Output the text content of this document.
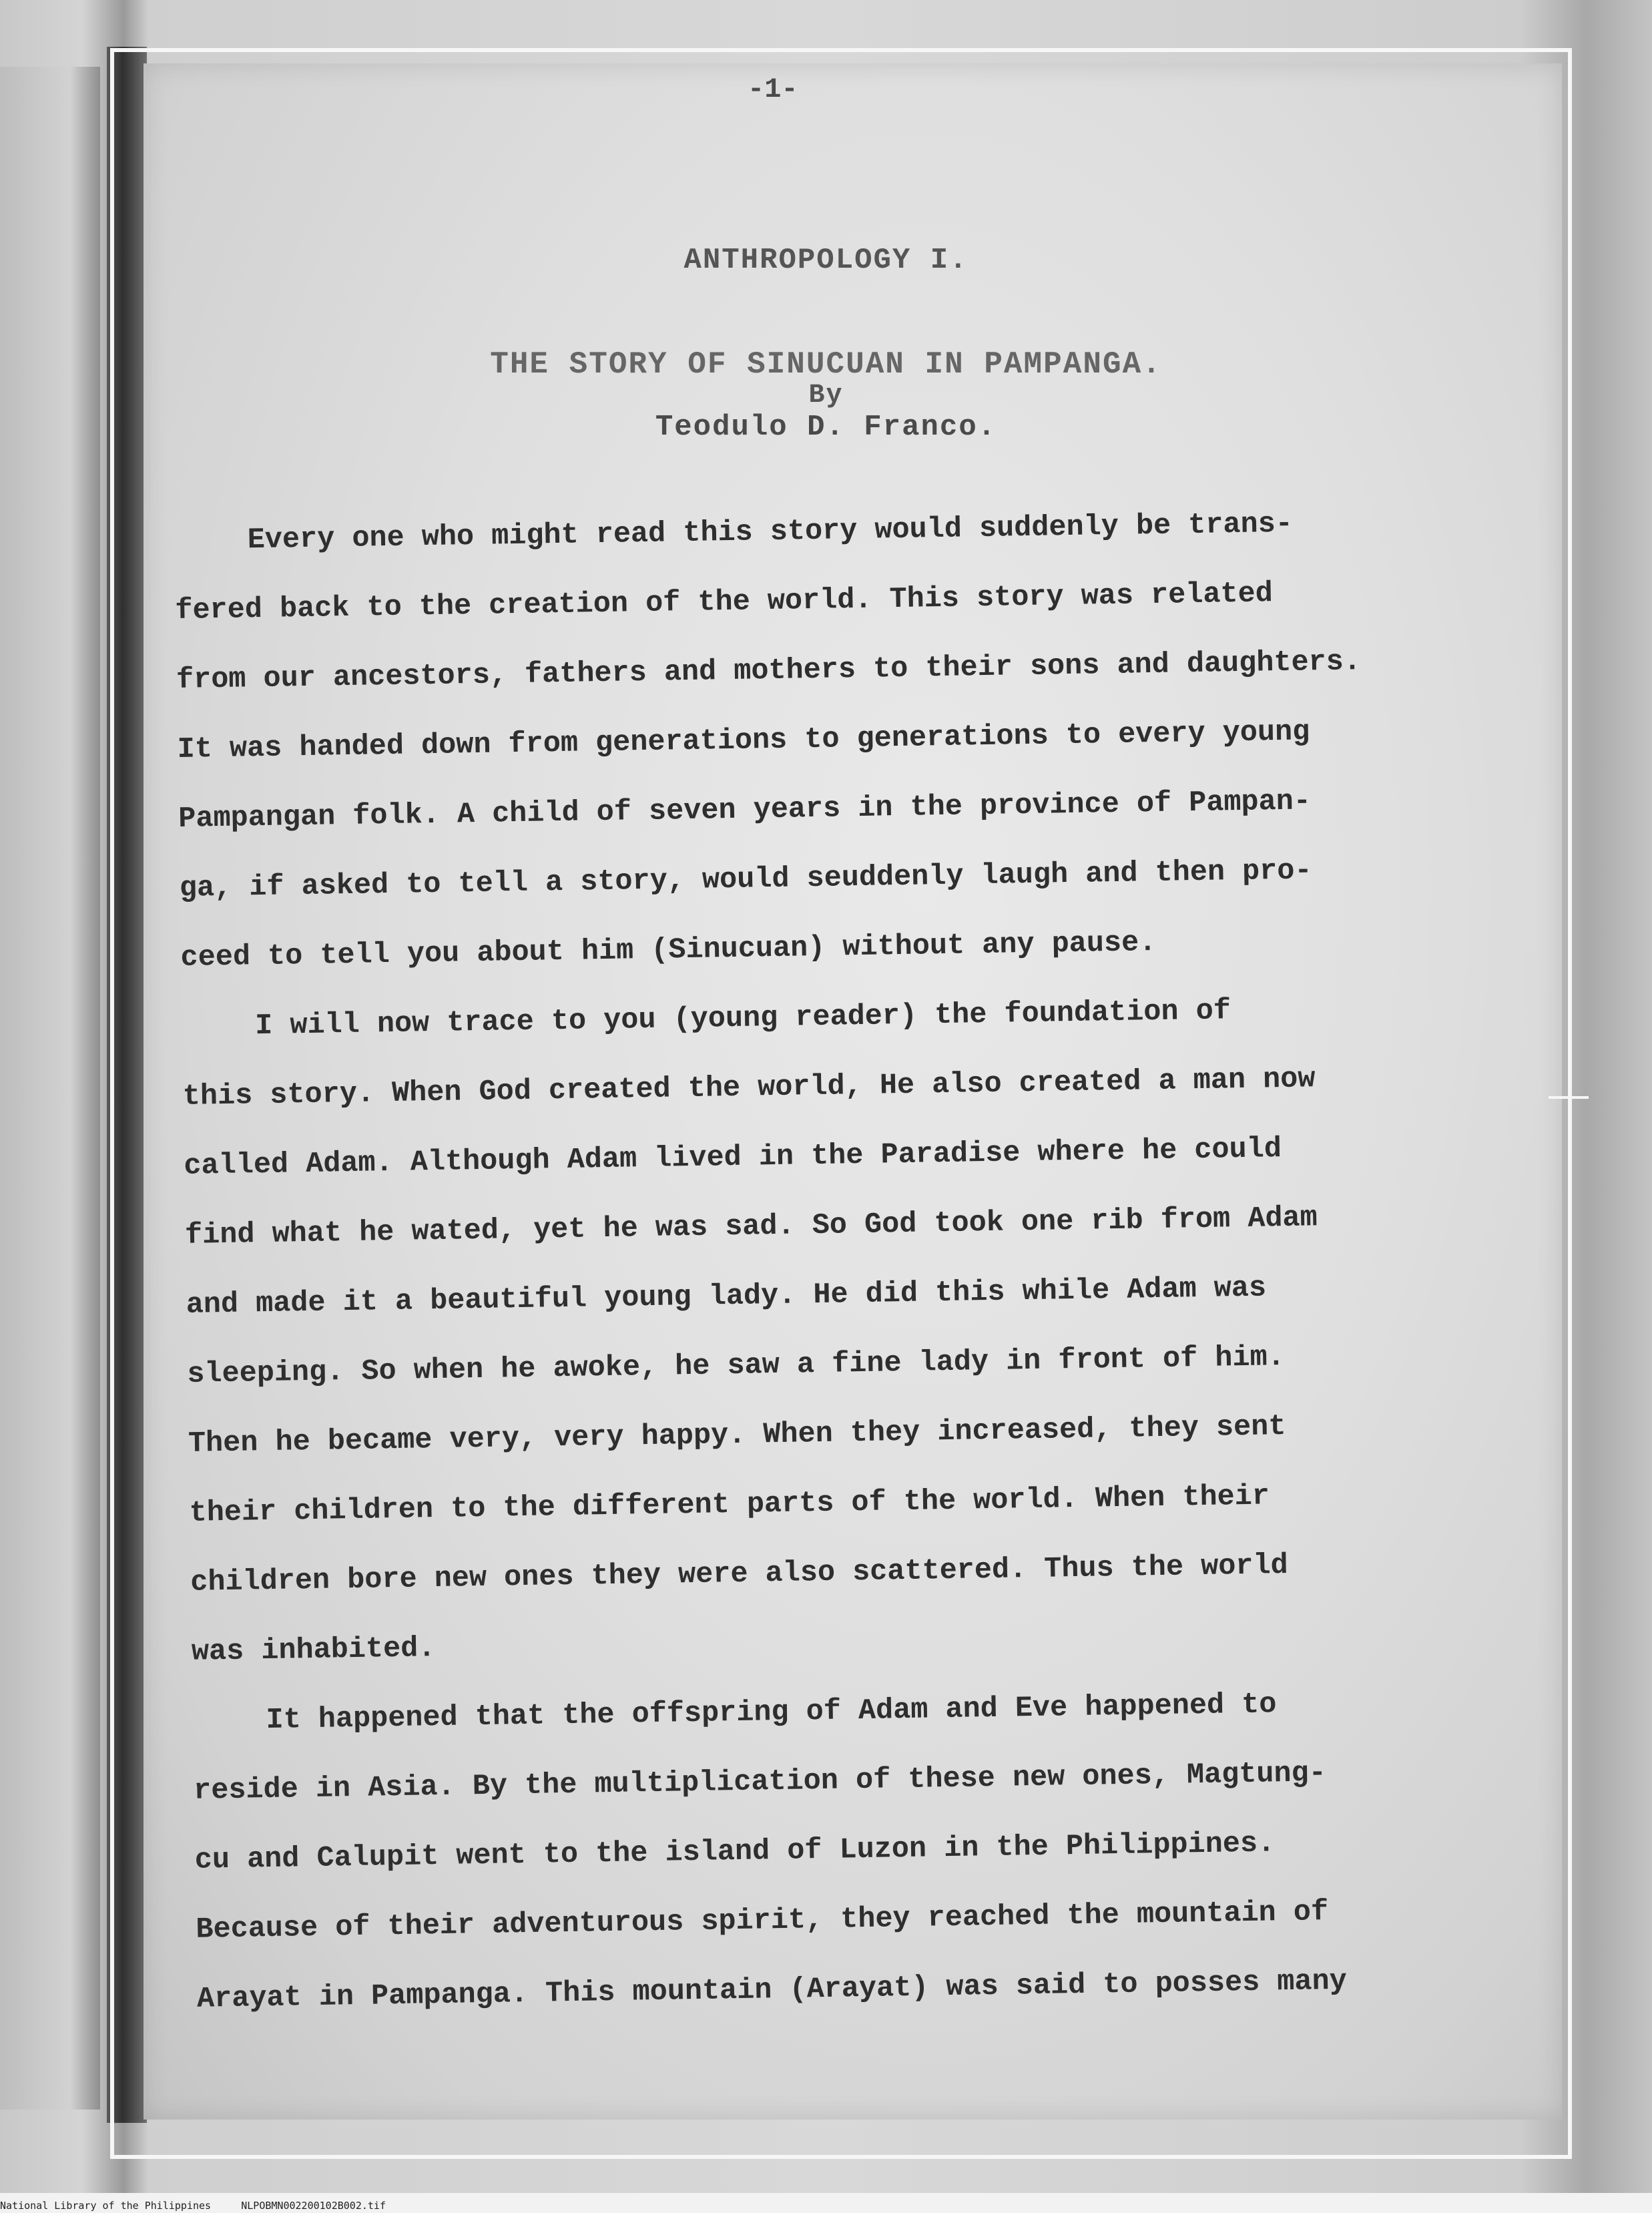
-1-
ANTHROPOLOGY I.
THE STORY OF SINUCUAN IN PAMPANGA.
By
Teodulo D. Franco.
Every one who might read this story would suddenly be trans-
fered back to the creation of the world. This story was related
from our ancestors, fathers and mothers to their sons and daughters.
It was handed down from generations to generations to every young
Pampangan folk. A child of seven years in the province of Pampan-
ga, if asked to tell a story, would seuddenly laugh and then pro-
ceed to tell you about him (Sinucuan) without any pause.
I will now trace to you (young reader) the foundation of
this story. When God created the world, He also created a man now
called Adam. Although Adam lived in the Paradise where he could
find what he wated, yet he was sad. So God took one rib from Adam
and made it a beautiful young lady. He did this while Adam was
sleeping. So when he awoke, he saw a fine lady in front of him.
Then he became very, very happy. When they increased, they sent
their children to the different parts of the world. When their
children bore new ones they were also scattered. Thus the world
was inhabited.
It happened that the offspring of Adam and Eve happened to
reside in Asia. By the multiplication of these new ones, Magtung-
cu and Calupit went to the island of Luzon in the Philippines.
Because of their adventurous spirit, they reached the mountain of
Arayat in Pampanga. This mountain (Arayat) was said to posses many
National Library of the Philippines	NLPOBMN002200102B002.tif
